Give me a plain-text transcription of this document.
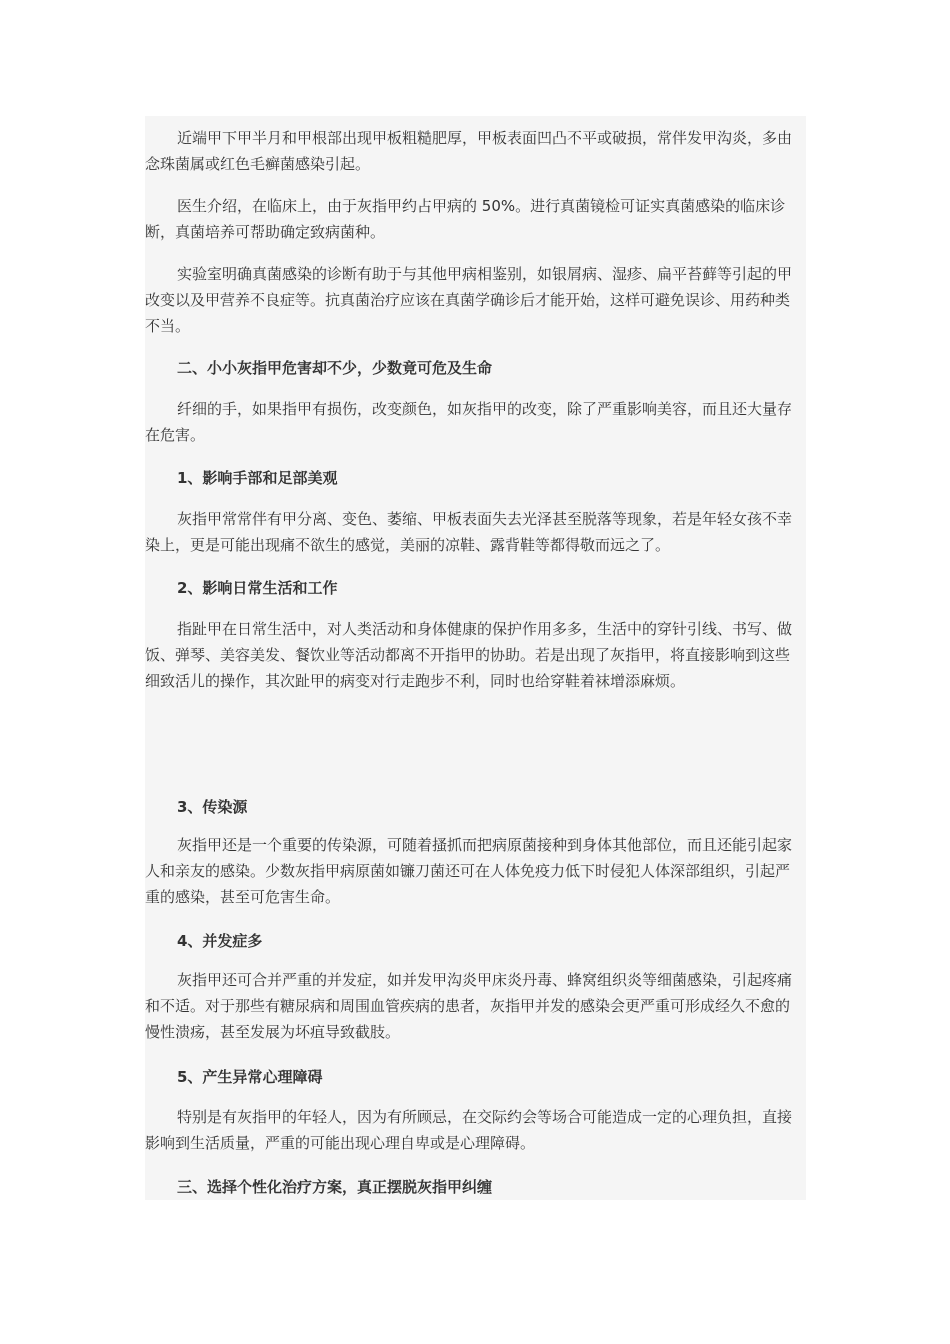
近端甲下甲半月和甲根部出现甲板粗糙肥厚，甲板表面凹凸不平或破损，常伴发甲沟炎，多由念珠菌属或红色毛癣菌感染引起。

医生介绍，在临床上，由于灰指甲约占甲病的 50%。进行真菌镜检可证实真菌感染的临床诊断，真菌培养可帮助确定致病菌种。

实验室明确真菌感染的诊断有助于与其他甲病相鉴别，如银屑病、湿疹、扁平苔藓等引起的甲改变以及甲营养不良症等。抗真菌治疗应该在真菌学确诊后才能开始，这样可避免误诊、用药种类不当。

二、小小灰指甲危害却不少，少数竟可危及生命

纤细的手，如果指甲有损伤，改变颜色，如灰指甲的改变，除了严重影响美容，而且还大量存在危害。

1、影响手部和足部美观

灰指甲常常伴有甲分离、变色、萎缩、甲板表面失去光泽甚至脱落等现象，若是年轻女孩不幸染上，更是可能出现痛不欲生的感觉，美丽的凉鞋、露背鞋等都得敬而远之了。

2、影响日常生活和工作

指趾甲在日常生活中，对人类活动和身体健康的保护作用多多，生活中的穿针引线、书写、做饭、弹琴、美容美发、餐饮业等活动都离不开指甲的协助。若是出现了灰指甲，将直接影响到这些细致活儿的操作，其次趾甲的病变对行走跑步不利，同时也给穿鞋着袜增添麻烦。

3、传染源

灰指甲还是一个重要的传染源，可随着搔抓而把病原菌接种到身体其他部位，而且还能引起家人和亲友的感染。少数灰指甲病原菌如镰刀菌还可在人体免疫力低下时侵犯人体深部组织，引起严重的感染，甚至可危害生命。

4、并发症多

灰指甲还可合并严重的并发症，如并发甲沟炎甲床炎丹毒、蜂窝组织炎等细菌感染，引起疼痛和不适。对于那些有糖尿病和周围血管疾病的患者，灰指甲并发的感染会更严重可形成经久不愈的慢性溃疡，甚至发展为坏疽导致截肢。

5、产生异常心理障碍

特别是有灰指甲的年轻人，因为有所顾忌，在交际约会等场合可能造成一定的心理负担，直接影响到生活质量，严重的可能出现心理自卑或是心理障碍。

三、选择个性化治疗方案，真正摆脱灰指甲纠缠
